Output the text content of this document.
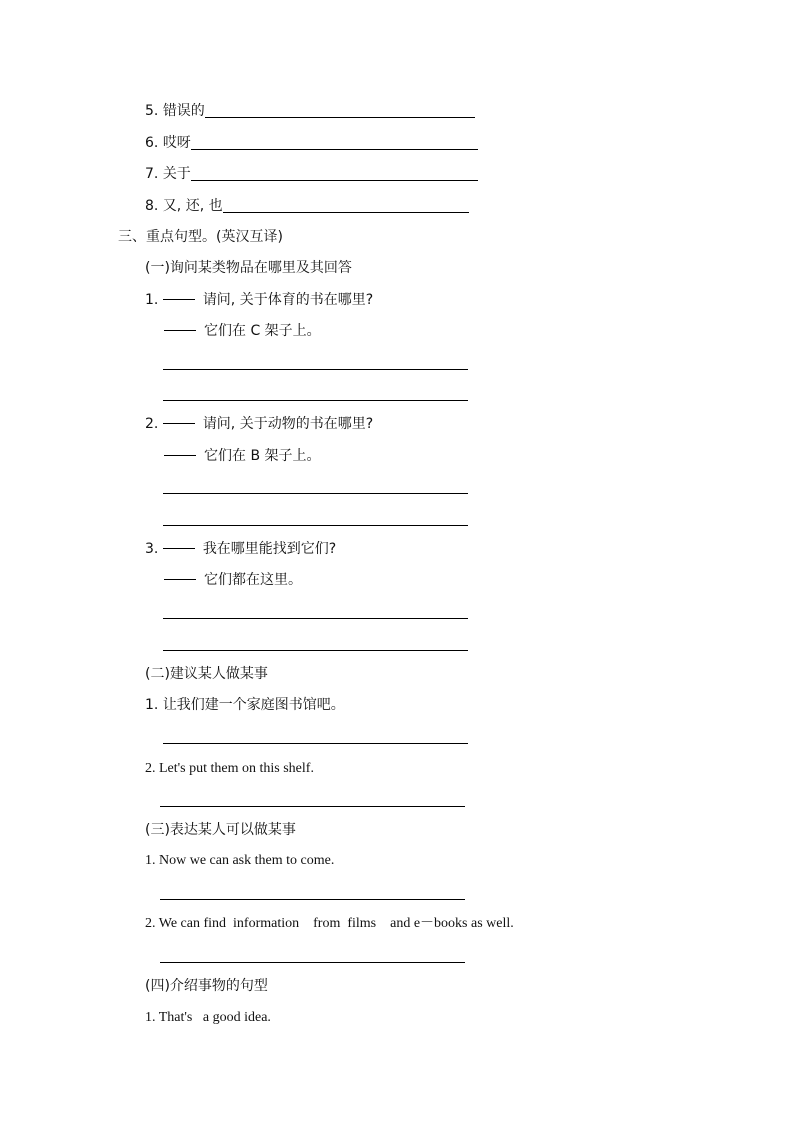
5. 错误的
6. 哎呀
7. 关于
8. 又, 还, 也
三、重点句型。(英汉互译)
(一)询问某类物品在哪里及其回答
1.	请问, 关于体育的书在哪里?
它们在 C 架子上。
2.	请问, 关于动物的书在哪里?
它们在 B 架子上。
3.	我在哪里能找到它们?
它们都在这里。
(二)建议某人做某事
1. 让我们建一个家庭图书馆吧。
2. Let's put them on this shelf.
(三)表达某人可以做某事
1. Now we can ask them to come.
2. We can find  information    from  films    and e－books as well.
(四)介绍事物的句型
1. That's   a good idea.
